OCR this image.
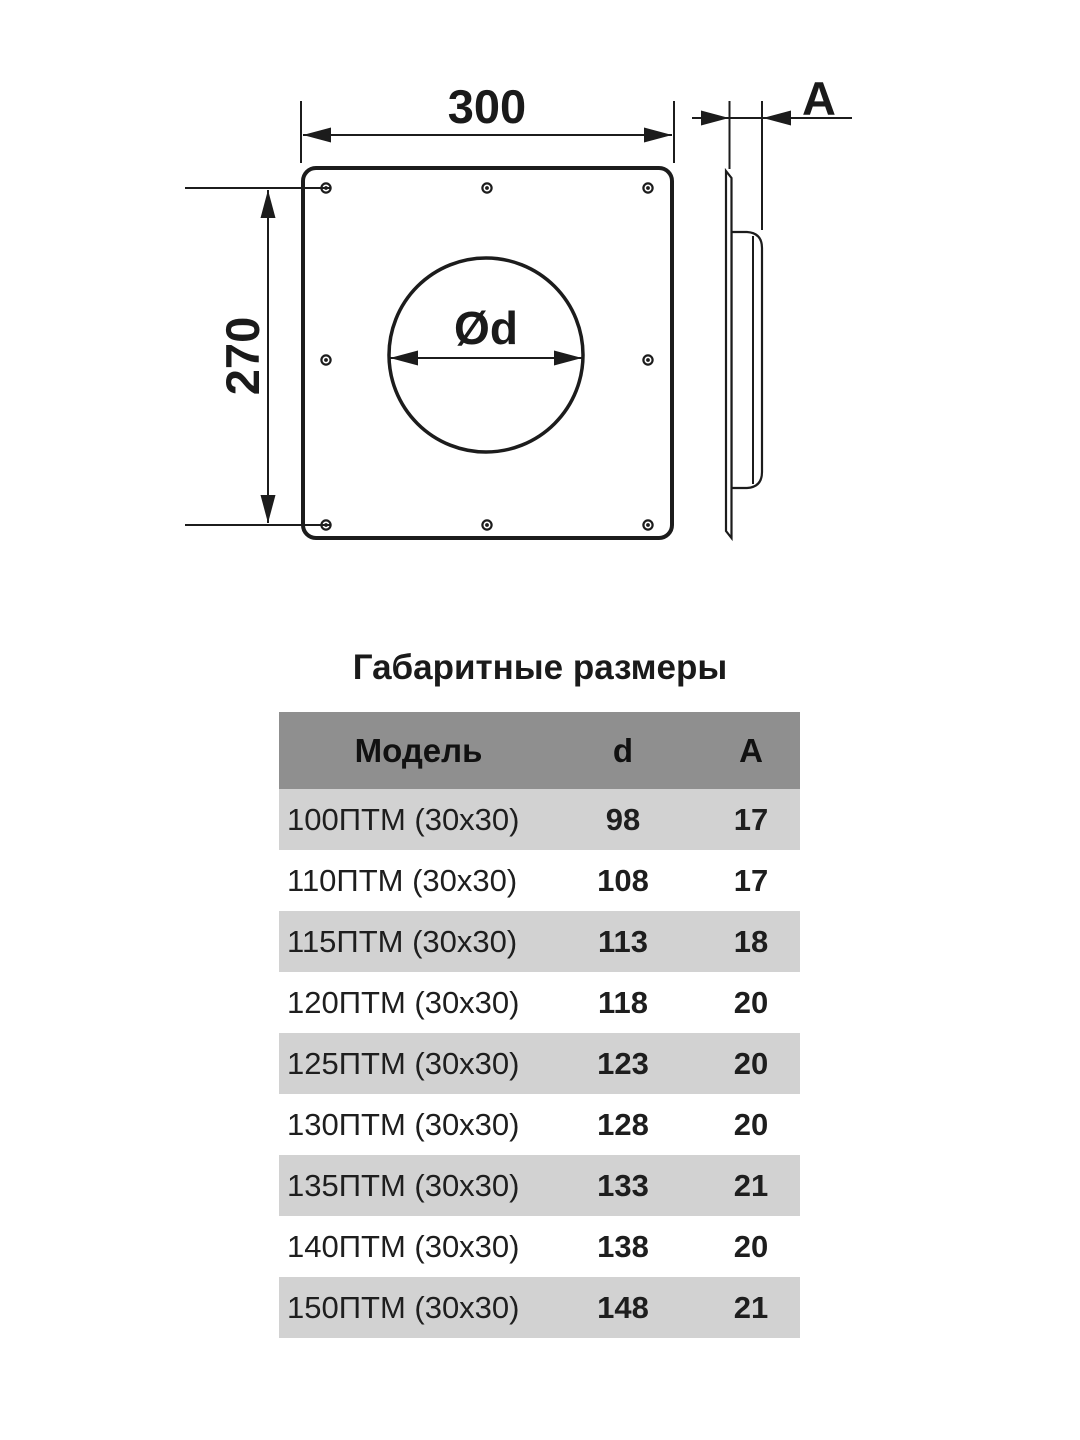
300
270	Ød
A
Габаритные размеры
Модель	d	A
100ПТМ (30x30)	98	17
110ПТМ (30x30)	108	17
115ПТМ (30x30)	113	18
120ПТМ (30x30)	118	20
125ПТМ (30x30)	123	20
130ПТМ (30x30)	128	20
135ПТМ (30x30)	133	21
140ПТМ (30x30)	138	20
150ПТМ (30x30)	148	21
